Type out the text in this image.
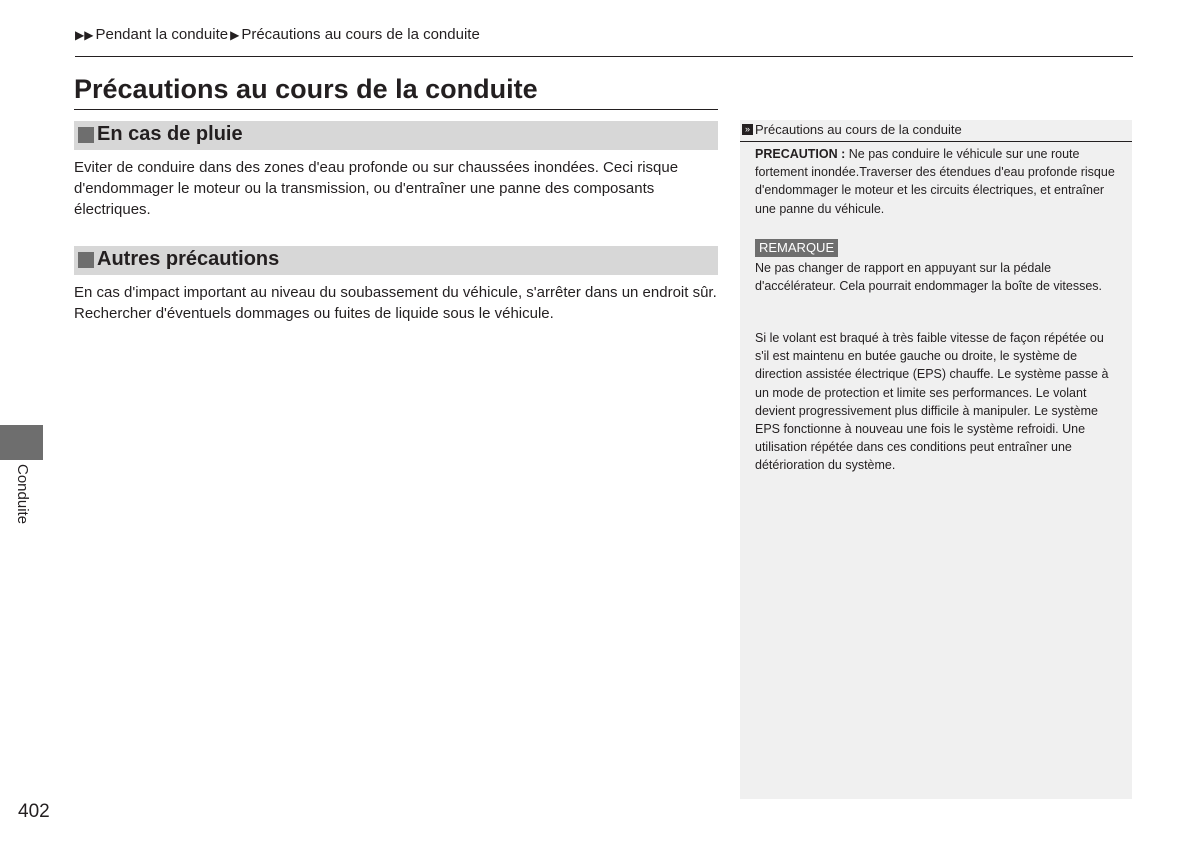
▶▶ Pendant la conduite ▶ Précautions au cours de la conduite
Précautions au cours de la conduite
En cas de pluie

Eviter de conduire dans des zones d'eau profonde ou sur chaussées inondées. Ceci risque d'endommager le moteur ou la transmission, ou d'entraîner une panne des composants électriques.

Autres précautions

En cas d'impact important au niveau du soubassement du véhicule, s'arrêter dans un endroit sûr. Rechercher d'éventuels dommages ou fuites de liquide sous le véhicule.

» Précautions au cours de la conduite

PRECAUTION : Ne pas conduire le véhicule sur une route fortement inondée.Traverser des étendues d'eau profonde risque d'endommager le moteur et les circuits électriques, et entraîner une panne du véhicule.

REMARQUE

Ne pas changer de rapport en appuyant sur la pédale d'accélérateur. Cela pourrait endommager la boîte de vitesses.

Si le volant est braqué à très faible vitesse de façon répétée ou s'il est maintenu en butée gauche ou droite, le système de direction assistée électrique (EPS) chauffe. Le système passe à un mode de protection et limite ses performances. Le volant devient progressivement plus difficile à manipuler. Le système EPS fonctionne à nouveau une fois le système refroidi. Une utilisation répétée dans ces conditions peut entraîner une détérioration du système.

Conduite
402
